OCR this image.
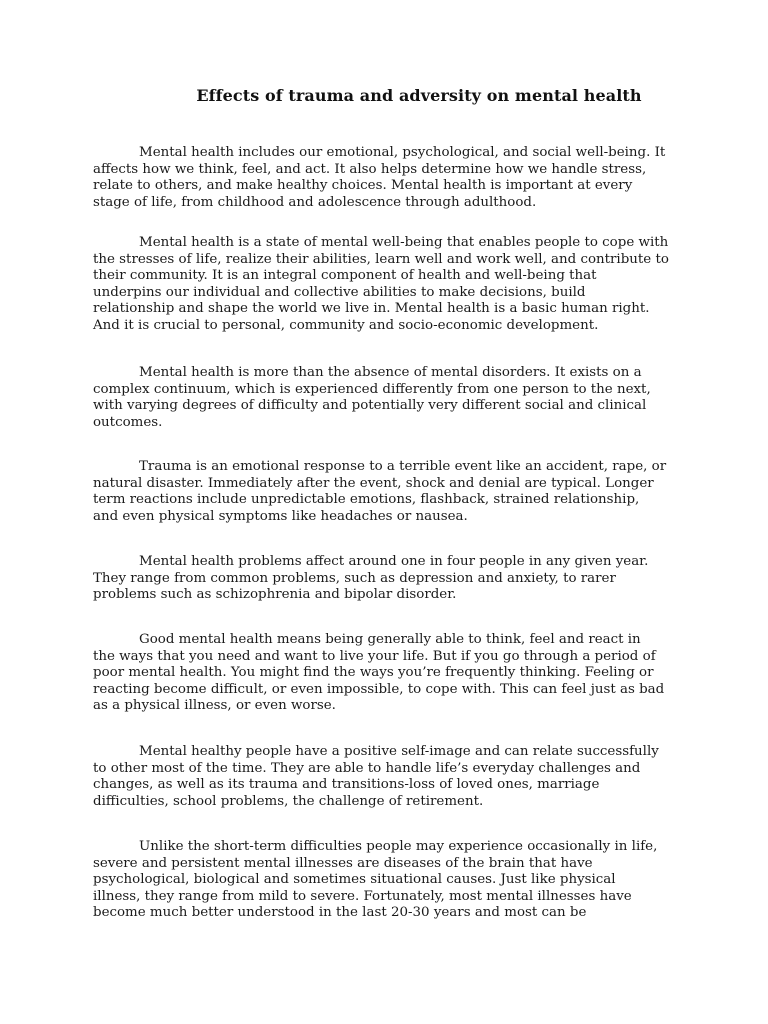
Effects of trauma and adversity on mental health

Mental health includes our emotional, psychological, and social well-being. It
affects how we think, feel, and act. It also helps determine how we handle stress,
relate to others, and make healthy choices. Mental health is important at every
stage of life, from childhood and adolescence through adulthood.

Mental health is a state of mental well-being that enables people to cope with
the stresses of life, realize their abilities, learn well and work well, and contribute to
their community. It is an integral component of health and well-being that
underpins our individual and collective abilities to make decisions, build
relationship and shape the world we live in. Mental health is a basic human right.
And it is crucial to personal, community and socio-economic development.

Mental health is more than the absence of mental disorders. It exists on a
complex continuum, which is experienced differently from one person to the next,
with varying degrees of difficulty and potentially very different social and clinical
outcomes.

Trauma is an emotional response to a terrible event like an accident, rape, or
natural disaster. Immediately after the event, shock and denial are typical. Longer
term reactions include unpredictable emotions, flashback, strained relationship,
and even physical symptoms like headaches or nausea.

Mental health problems affect around one in four people in any given year.
They range from common problems, such as depression and anxiety, to rarer
problems such as schizophrenia and bipolar disorder.

Good mental health means being generally able to think, feel and react in
the ways that you need and want to live your life. But if you go through a period of
poor mental health. You might find the ways you’re frequently thinking. Feeling or
reacting become difficult, or even impossible, to cope with. This can feel just as bad
as a physical illness, or even worse.

Mental healthy people have a positive self-image and can relate successfully
to other most of the time. They are able to handle life’s everyday challenges and
changes, as well as its trauma and transitions-loss of loved ones, marriage
difficulties, school problems, the challenge of retirement.

Unlike the short-term difficulties people may experience occasionally in life,
severe and persistent mental illnesses are diseases of the brain that have
psychological, biological and sometimes situational causes. Just like physical
illness, they range from mild to severe. Fortunately, most mental illnesses have
become much better understood in the last 20-30 years and most can be
